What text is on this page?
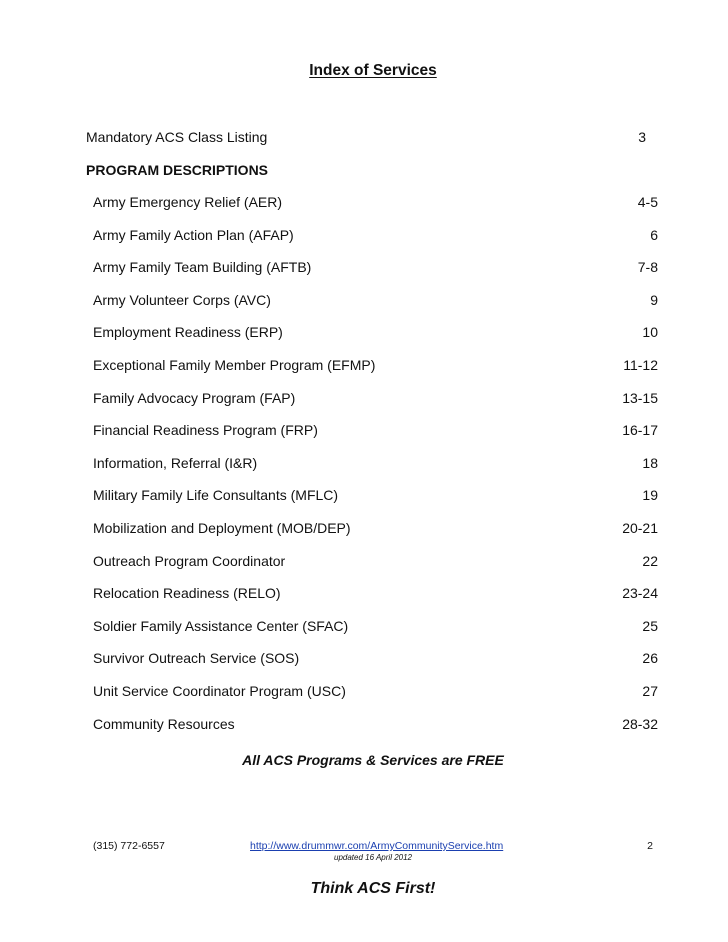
Index of Services
Mandatory ACS Class Listing	3
PROGRAM DESCRIPTIONS
Army Emergency Relief (AER)	4-5
Army Family Action Plan (AFAP)	6
Army Family Team Building (AFTB)	7-8
Army Volunteer Corps (AVC)	9
Employment Readiness (ERP)	10
Exceptional Family Member Program (EFMP)	11-12
Family Advocacy Program (FAP)	13-15
Financial Readiness Program (FRP)	16-17
Information, Referral (I&R)	18
Military Family Life Consultants (MFLC)	19
Mobilization and Deployment (MOB/DEP)	20-21
Outreach Program Coordinator	22
Relocation Readiness (RELO)	23-24
Soldier Family Assistance Center (SFAC)	25
Survivor Outreach Service (SOS)	26
Unit Service Coordinator Program (USC)	27
Community Resources	28-32
All ACS Programs & Services are FREE
(315) 772-6557	http://www.drummwr.com/ArmyCommunityService.htm
updated 16 April 2012
2
Think ACS First!
